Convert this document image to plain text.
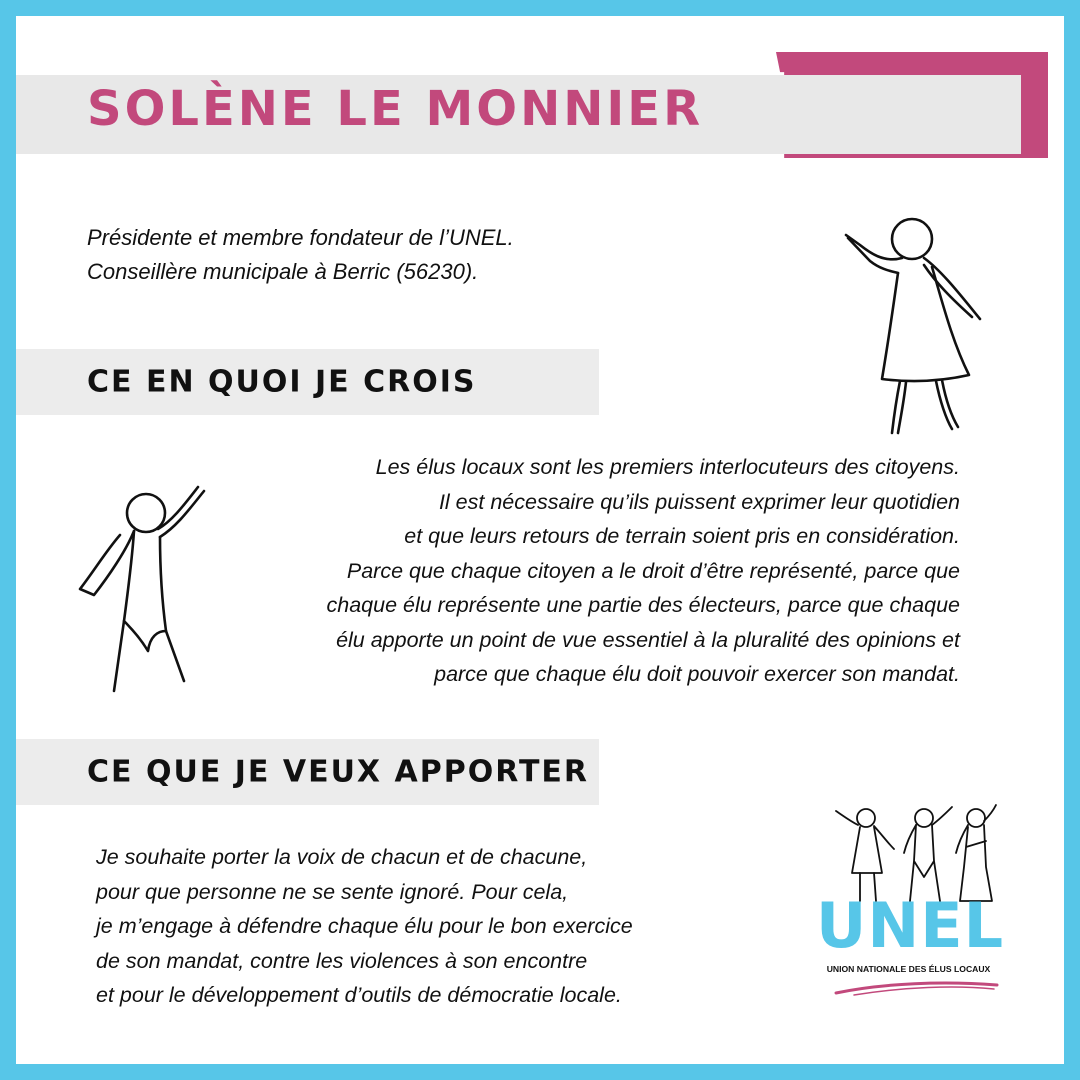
SOLÈNE LE MONNIER
Présidente et membre fondateur de l’UNEL.
Conseillère municipale à Berric (56230).
CE EN QUOI JE CROIS
Les élus locaux sont les premiers interlocuteurs des citoyens.
Il est nécessaire qu’ils puissent exprimer leur quotidien
et que leurs retours de terrain soient pris en considération.
Parce que chaque citoyen a le droit d’être représenté, parce que
chaque élu représente une partie des électeurs, parce que chaque
élu apporte un point de vue essentiel à la pluralité des opinions et
parce que chaque élu doit pouvoir exercer son mandat.
CE QUE JE VEUX APPORTER
Je souhaite porter la voix de chacun et de chacune,
pour que personne ne se sente ignoré. Pour cela,
je m’engage à défendre chaque élu pour le bon exercice
de son mandat, contre les violences à son encontre
et pour le développement d’outils de démocratie locale.
UNEL
UNION NATIONALE DES ÉLUS LOCAUX
